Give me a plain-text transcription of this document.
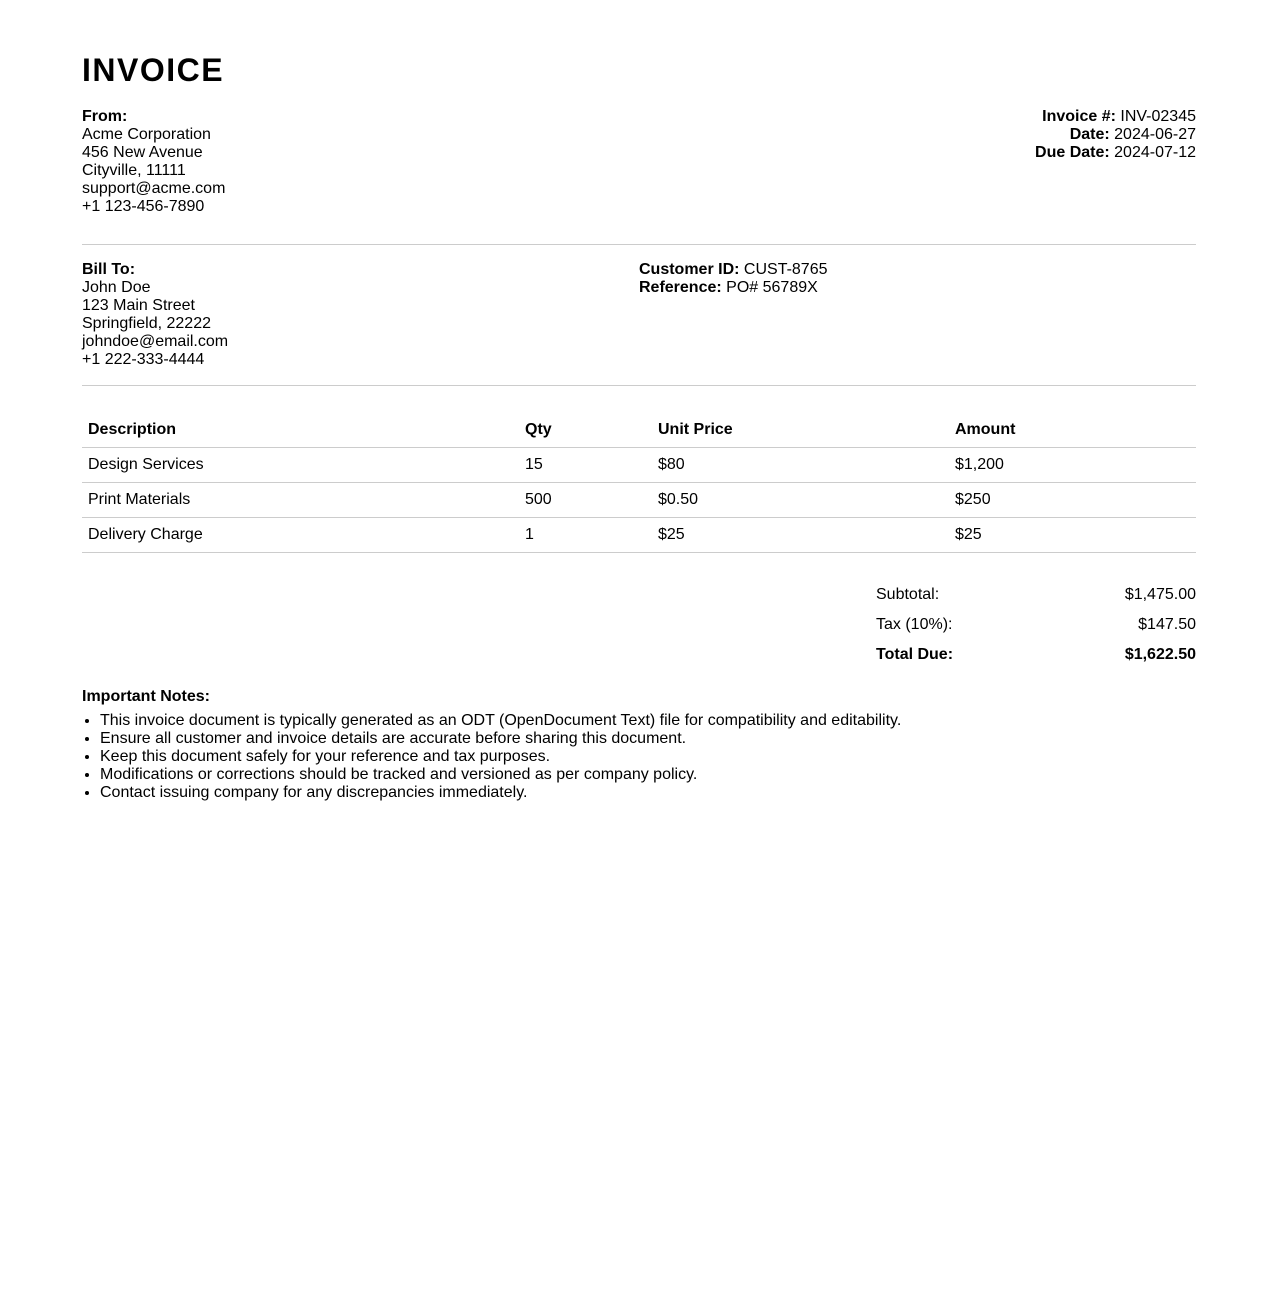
INVOICE
From:
Acme Corporation
456 New Avenue
Cityville, 11111
support@acme.com
+1 123-456-7890
Invoice #: INV-02345
Date: 2024-06-27
Due Date: 2024-07-12
Bill To:
John Doe
123 Main Street
Springfield, 22222
johndoe@email.com
+1 222-333-4444
Customer ID: CUST-8765
Reference: PO# 56789X
Description	Qty	Unit Price	Amount
Design Services	15	$80	$1,200
Print Materials	500	$0.50	$250
Delivery Charge	1	$25	$25
Subtotal:	$1,475.00
Tax (10%):	$147.50
Total Due:	$1,622.50
Important Notes:
• This invoice document is typically generated as an ODT (OpenDocument Text) file for compatibility and editability.
• Ensure all customer and invoice details are accurate before sharing this document.
• Keep this document safely for your reference and tax purposes.
• Modifications or corrections should be tracked and versioned as per company policy.
• Contact issuing company for any discrepancies immediately.
